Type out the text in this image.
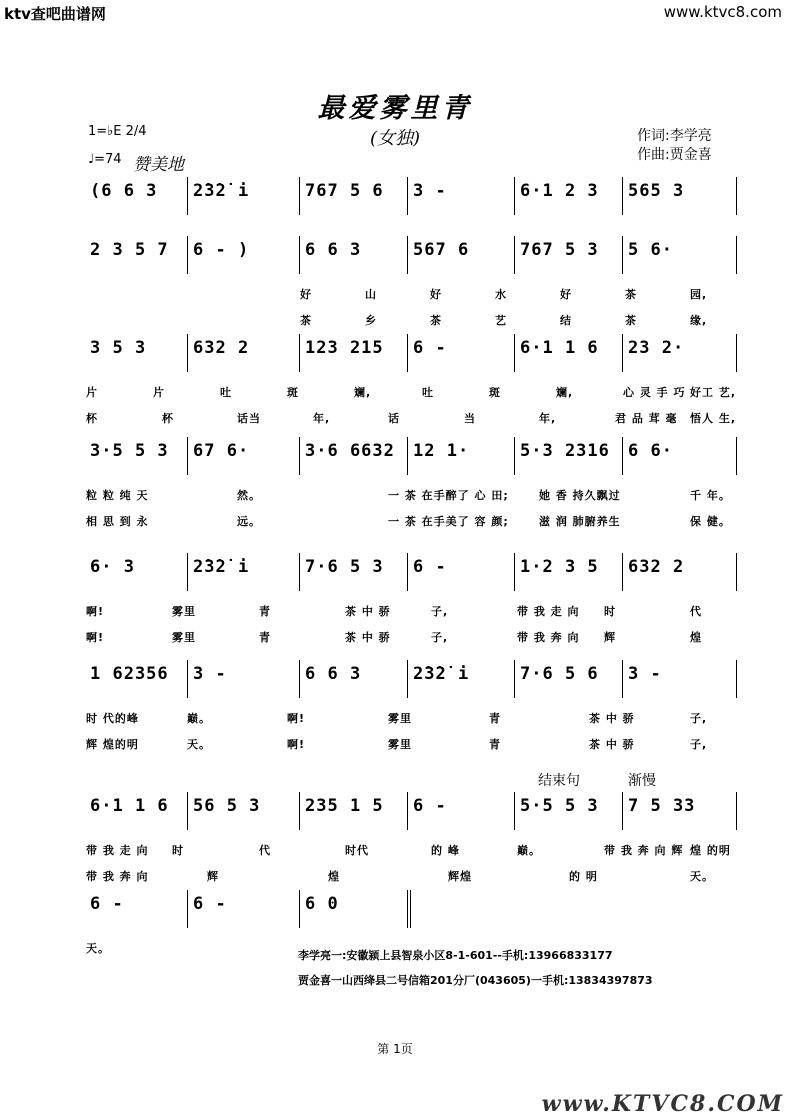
ktv查吧曲谱网	www.ktvc8.com
最爱雾里青
(女独)	作词:李学亮
作曲:贾金喜
1=♭E 2/4
♩=74 赞美地
(6 6 3 2̇3̇2̇ i	767 5 6 3 -	6·1 2 3 565 3
2 3 5 7 6 - )	6 6 3	567 6	767 5 3 5 6·
好	山	好	水	好	茶	园,
茶	乡	茶	艺	结	茶	缘,
3 5 3	632 2	123 215 6 -	6·1 1 6 23 2·
片	片	吐	斑	斓,	吐	斑	斓,	心 灵 手 巧 好工 艺,
杯	杯	话当	年,	话	当	年,	君 品 茸 毫 悟人 生,
3·5 5 3 67 6·	3·6 6632 12 1·	5·3 2316 6 6·
粒 粒 纯 天	然。	一 茶 在手醉了 心 田;	她 香 持久飘过	千 年。
相 思 到 永	远。	一 茶 在手美了 容 颜;	滋 润 肺腑养生	保 健。
6· 3	2̇3̇2̇ i	7·6 5 3 6 -	1·2 3 5 632 2
啊!	雾里	青	茶 中 骄	子,	带 我 走 向 时	代
啊!	雾里	青	茶 中 骄	子,	带 我 奔 向 辉	煌
1 62356 3 -	6 6 3	2̇3̇2̇ i	7·6 5 6 3 -
时 代的峰	巅。	啊!	雾里	青	茶 中 骄	子,
辉 煌的明	天。	啊!	雾里	青	茶 中 骄	子,
6·1 1 6 56 5 3	235 1 5 6 -	5·5 5 3 7 5 33
结束句	渐慢
带 我 走 向 时	代	时代	的 峰	巅。	带 我 奔 向 辉 煌 的明
带 我 奔 向	辉	煌	辉煌	的 明	天。
6 -	6 -	6 0
天。
李学亮一:安徽颍上县智泉小区8-1-601--手机:13966833177
贾金喜一山西绛县二号信箱201分厂(043605)一手机:13834397873
第 1页
www.KTVC8.COM
